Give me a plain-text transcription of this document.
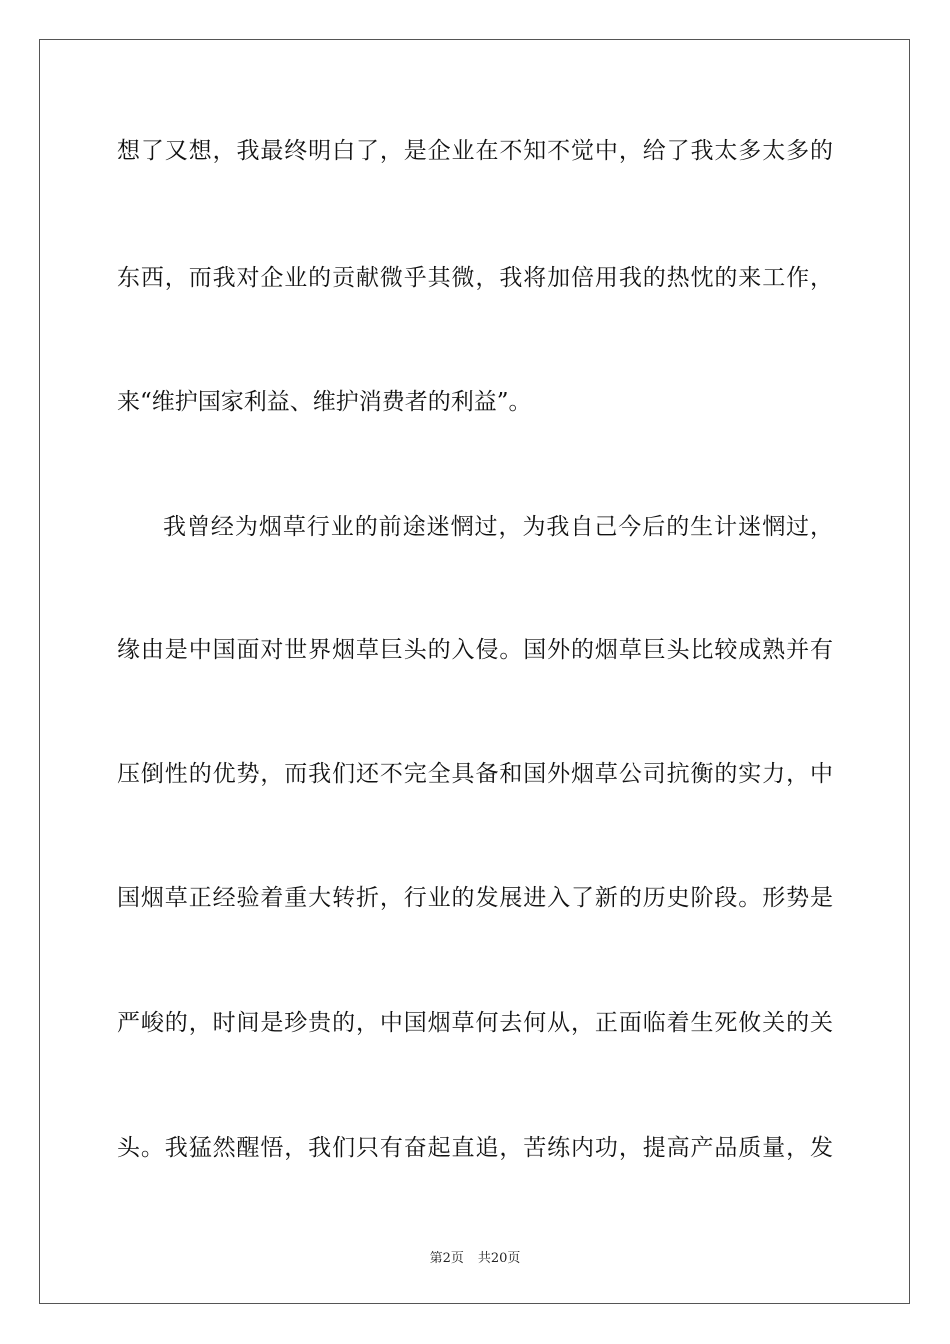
想了又想，我最终明白了，是企业在不知不觉中，给了我太多太多的
东西，而我对企业的贡献微乎其微，我将加倍用我的热忱的来工作，
来“维护国家利益、维护消费者的利益”。
我曾经为烟草行业的前途迷惘过，为我自己今后的生计迷惘过，
缘由是中国面对世界烟草巨头的入侵。国外的烟草巨头比较成熟并有
压倒性的优势，而我们还不完全具备和国外烟草公司抗衡的实力，中
国烟草正经验着重大转折，行业的发展进入了新的历史阶段。形势是
严峻的，时间是珍贵的，中国烟草何去何从，正面临着生死攸关的关
头。我猛然醒悟，我们只有奋起直追，苦练内功，提高产品质量，发
第2页 共20页
